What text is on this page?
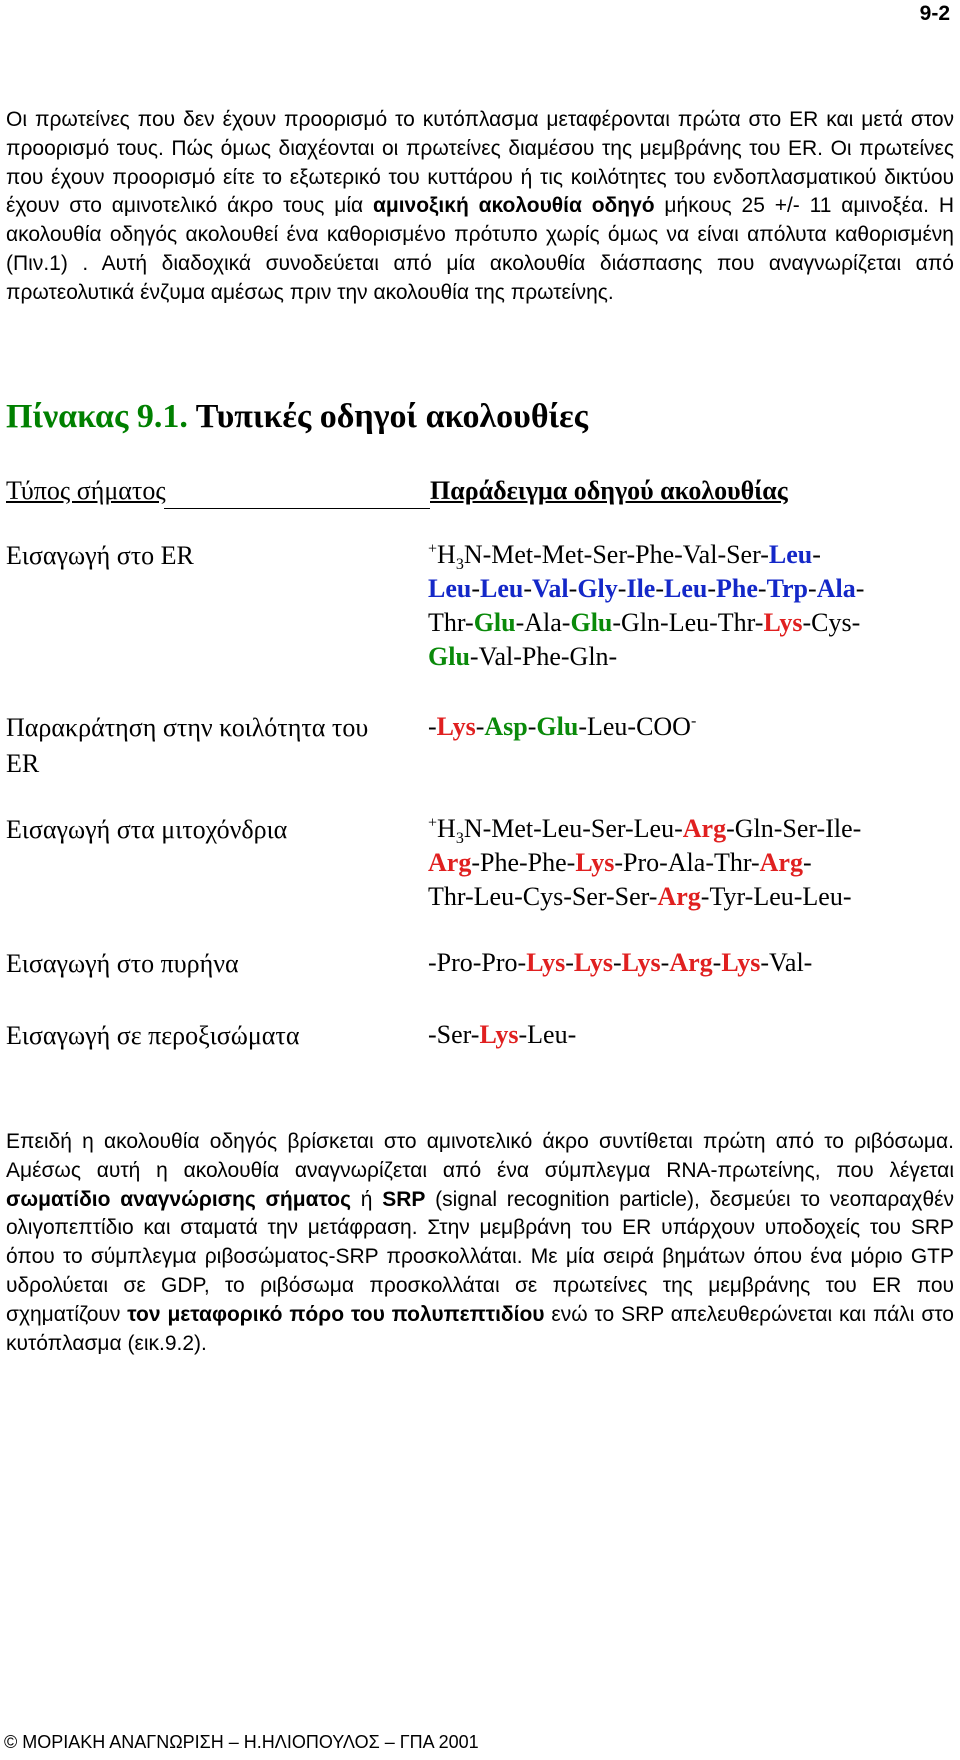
9-2

Οι πρωτείνες που δεν έχουν προορισμό το κυτόπλασμα μεταφέρονται πρώτα στο ER και μετά στον προορισμό τους. Πώς όμως διαχέονται οι πρωτείνες διαμέσου της μεμβράνης του ER. Οι πρωτείνες που έχουν προορισμό είτε το εξωτερικό του κυττάρου ή τις κοιλότητες του ενδοπλασματικού δικτύου έχουν στο αμινοτελικό άκρο τους μία αμινοξική ακολουθία οδηγό μήκους 25 +/- 11 αμινοξέα. Η ακολουθία οδηγός ακολουθεί ένα καθορισμένο πρότυπο χωρίς όμως να είναι απόλυτα καθορισμένη (Πιν.1) . Αυτή διαδοχικά συνοδεύεται από μία ακολουθία διάσπασης που αναγνωρίζεται από πρωτεολυτικά ένζυμα αμέσως πριν την ακολουθία της πρωτείνης.

Πίνακας 9.1. Τυπικές οδηγοί ακολουθίες
Τύπος σήματος	Παράδειγμα οδηγού ακολουθίας
Εισαγωγή στο ER	$^+H_3N-Met-Met-Ser-Phe-Val-Ser-Leu-$
Leu-Leu-Val-Gly-Ile-Leu-Phe-Trp-Ala-
Thr-Glu-Ala-Glu-Gln-Leu-Thr-Lys-Cys-
Glu-Val-Phe-Gln-
Παρακράτηση στην κοιλότητα του ER
-Lys-Asp-Glu-Leu-COO-
Εισαγωγή στα μιτοχόνδρια	$^+H_3N-Met-Leu-Ser-Leu-Arg-Gln-Ser-Ile-$
Arg-Phe-Phe-Lys-Pro-Ala-Thr-Arg-
Thr-Leu-Cys-Ser-Ser-Arg-Tyr-Leu-Leu-
Εισαγωγή στο πυρήνα	-Pro-Pro-Lys-Lys-Lys-Arg-Lys-Val-
Εισαγωγή σε περοξισώματα	-Ser-Lys-Leu-

Επειδή η ακολουθία οδηγός βρίσκεται στο αμινοτελικό άκρο συντίθεται πρώτη από το ριβόσωμα. Αμέσως αυτή η ακολουθία αναγνωρίζεται από ένα σύμπλεγμα RNA-πρωτείνης, που λέγεται σωματίδιο αναγνώρισης σήματος ή SRP (signal recognition particle), δεσμεύει το νεοπαραχθέν ολιγοπεπτίδιο και σταματά την μετάφραση. Στην μεμβράνη του ER υπάρχουν υποδοχείς του SRP όπου το σύμπλεγμα ριβοσώματος-SRP προσκολλάται. Με μία σειρά βημάτων όπου ένα μόριο GTP υδρολύεται σε GDP, το ριβόσωμα προσκολλάται σε πρωτείνες της μεμβράνης του ER που σχηματίζουν τον μεταφορικό πόρο του πολυπεπτιδίου ενώ το SRP απελευθερώνεται και πάλι στο κυτόπλασμα (εικ.9.2).

© ΜΟΡΙΑΚΗ ΑΝΑΓΝΩΡΙΣΗ – Η.ΗΛΙΟΠΟΥΛΟΣ – ΓΠΑ 2001
